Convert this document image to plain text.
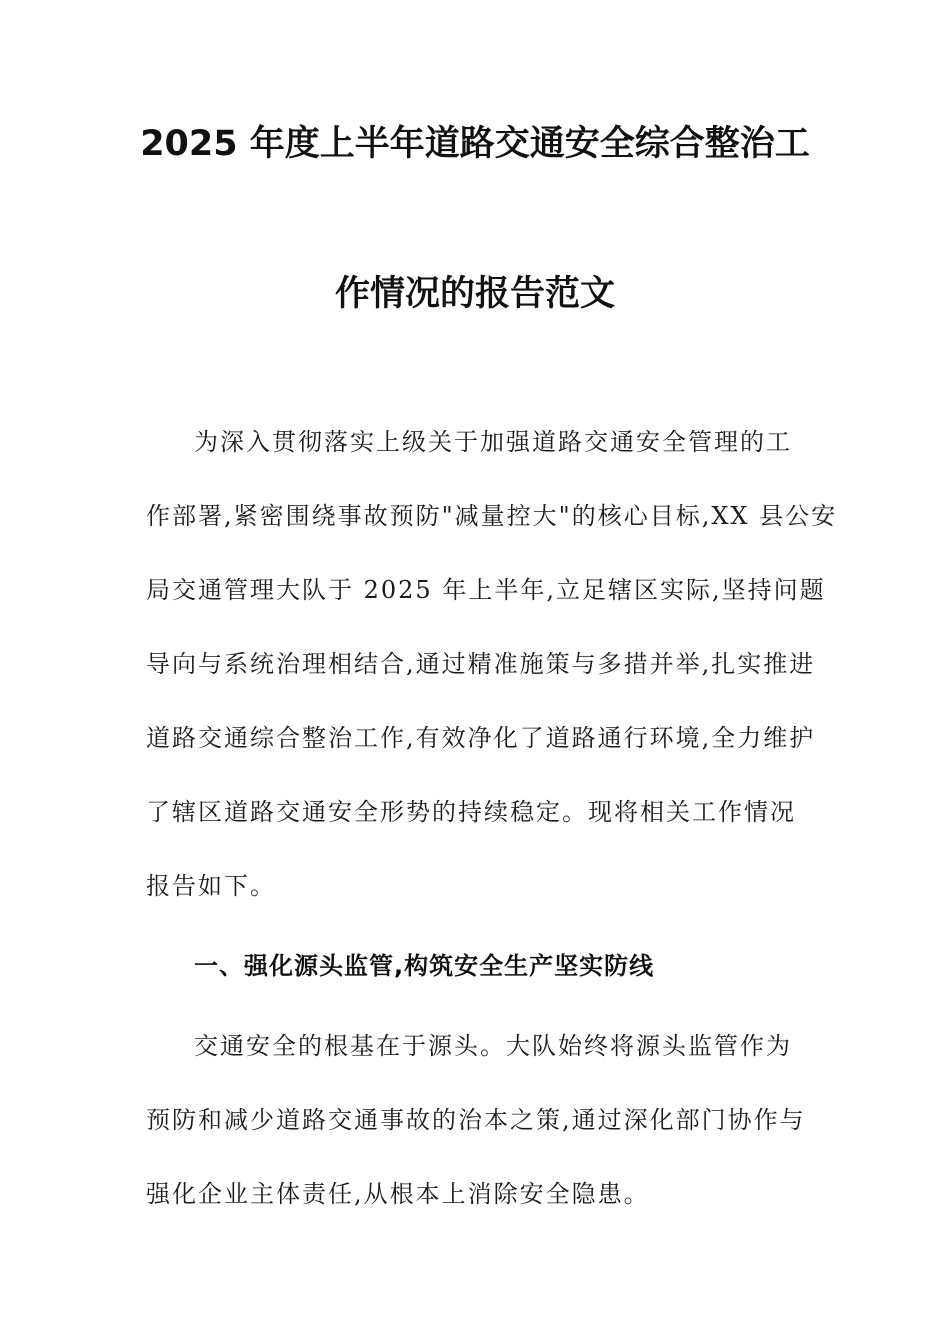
2025 年度上半年道路交通安全综合整治工
作情况的报告范文
为深入贯彻落实上级关于加强道路交通安全管理的工
作部署,紧密围绕事故预防"减量控大"的核心目标,XX 县公安
局交通管理大队于 2025 年上半年,立足辖区实际,坚持问题
导向与系统治理相结合,通过精准施策与多措并举,扎实推进
道路交通综合整治工作,有效净化了道路通行环境,全力维护
了辖区道路交通安全形势的持续稳定。现将相关工作情况
报告如下。
一、强化源头监管,构筑安全生产坚实防线
交通安全的根基在于源头。大队始终将源头监管作为
预防和减少道路交通事故的治本之策,通过深化部门协作与
强化企业主体责任,从根本上消除安全隐患。
